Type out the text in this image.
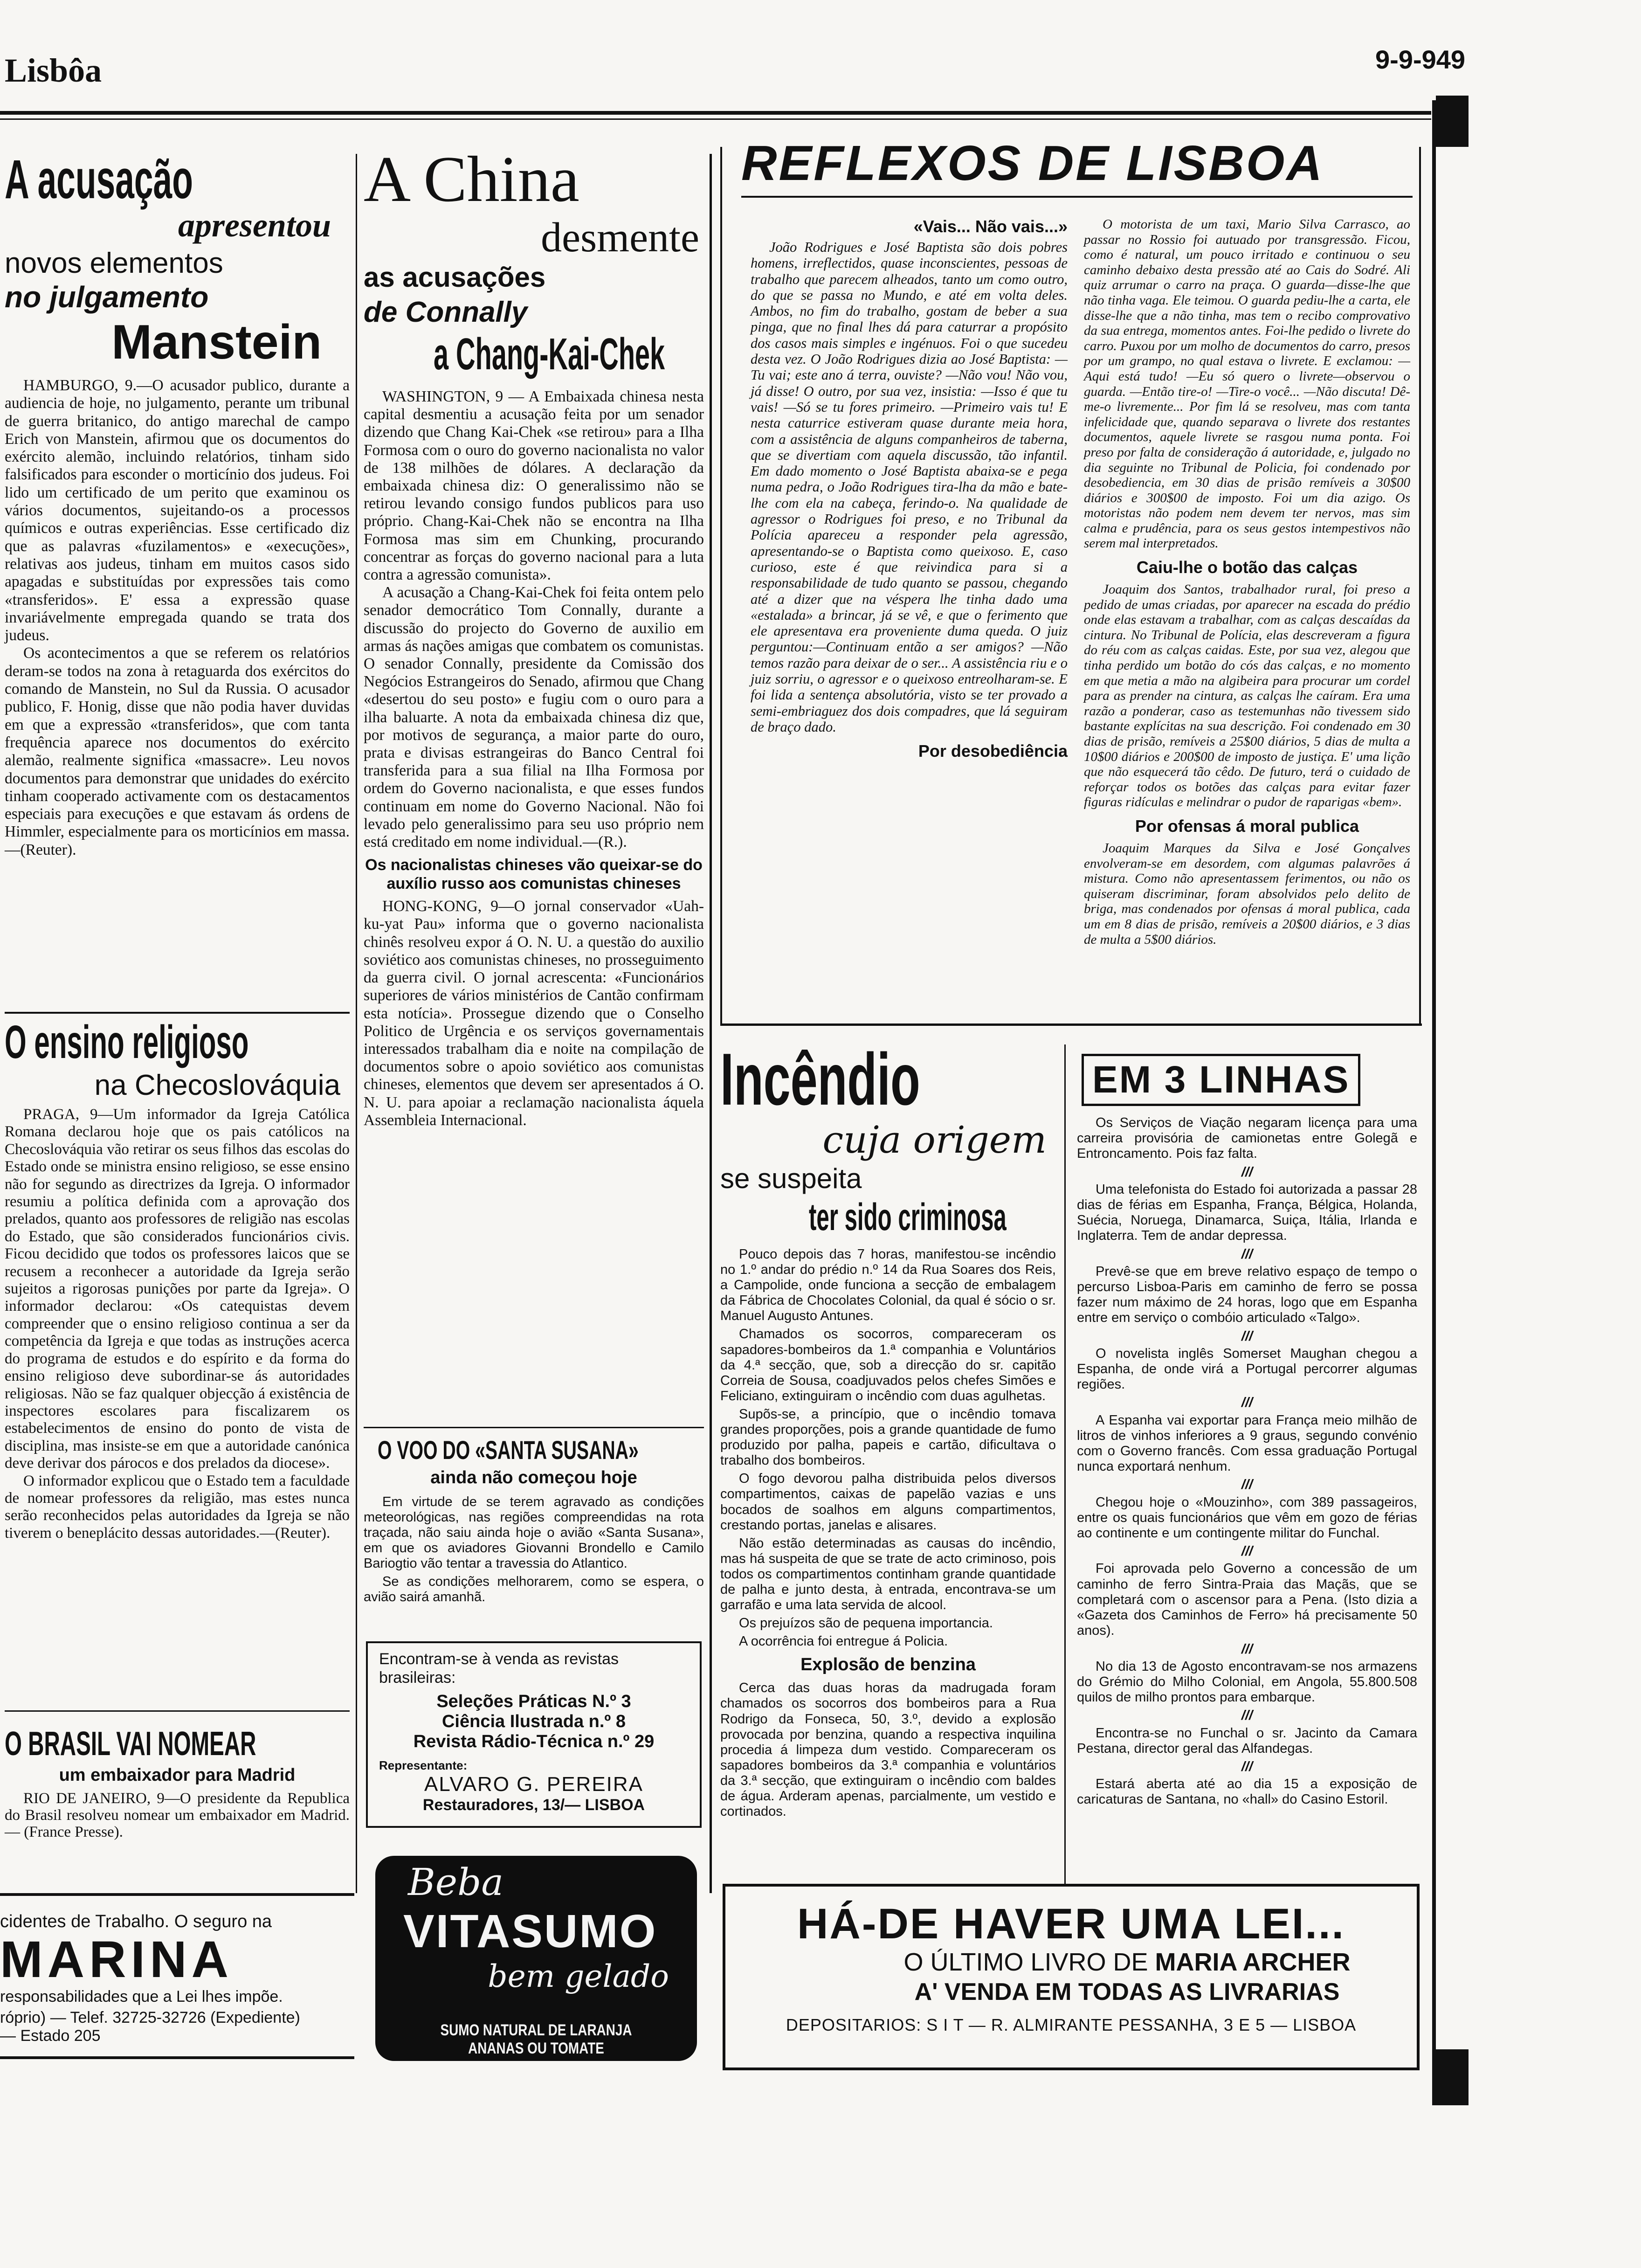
Lisbôa	9-9-949
A acusação
apresentou
novos elementos
no julgamento
Manstein

HAMBURGO, 9.—O acusador publico, durante a audiencia de hoje, no julgamento, perante um tribunal de guerra britanico, do antigo marechal de campo Erich von Manstein, afirmou que os documentos do exército alemão, incluindo relatórios, tinham sido falsificados para esconder o morticínio dos judeus. Foi lido um certificado de um perito que examinou os vários documentos, sujeitando-os a processos químicos e outras experiências. Esse certificado diz que as palavras «fuzilamentos» e «execuções», relativas aos judeus, tinham em muitos casos sido apagadas e substituídas por expressões tais como «transferidos». E' essa a expressão quase invariávelmente empregada quando se trata dos judeus.

Os acontecimentos a que se referem os relatórios deram-se todos na zona à retaguarda dos exércitos do comando de Manstein, no Sul da Russia. O acusador publico, F. Honig, disse que não podia haver duvidas em que a expressão «transferidos», que com tanta frequência aparece nos documentos do exército alemão, realmente significa «massacre». Leu novos documentos para demonstrar que unidades do exército tinham cooperado activamente com os destacamentos especiais para execuções e que estavam ás ordens de Himmler, especialmente para os morticínios em massa.—(Reuter).

O ensino religioso
na Checoslováquia

PRAGA, 9—Um informador da Igreja Católica Romana declarou hoje que os pais católicos na Checoslováquia vão retirar os seus filhos das escolas do Estado onde se ministra ensino religioso, se esse ensino não for segundo as directrizes da Igreja. O informador resumiu a política definida com a aprovação dos prelados, quanto aos professores de religião nas escolas do Estado, que são considerados funcionários civis. Ficou decidido que todos os professores laicos que se recusem a reconhecer a autoridade da Igreja serão sujeitos a rigorosas punições por parte da Igreja». O informador declarou: «Os catequistas devem compreender que o ensino religioso continua a ser da competência da Igreja e que todas as instruções acerca do programa de estudos e do espírito e da forma do ensino religioso deve subordinar-se ás autoridades religiosas. Não se faz qualquer objecção á existência de inspectores escolares para fiscalizarem os estabelecimentos de ensino do ponto de vista de disciplina, mas insiste-se em que a autoridade canónica deve derivar dos párocos e dos prelados da diocese».

O informador explicou que o Estado tem a faculdade de nomear professores da religião, mas estes nunca serão reconhecidos pelas autoridades da Igreja se não tiverem o beneplácito dessas autoridades.—(Reuter).

O BRASIL VAI NOMEAR
um embaixador para Madrid

RIO DE JANEIRO, 9—O presidente da Republica do Brasil resolveu nomear um embaixador em Madrid. — (France Presse).

cidentes de Trabalho. O seguro na
MARINA
responsabilidades que a Lei lhes impõe.
róprio) — Telef. 32725-32726 (Expediente)
— Estado 205
A China
desmente
as acusações
de Connally
a Chang-Kai-Chek

WASHINGTON, 9 — A Embaixada chinesa nesta capital desmentiu a acusação feita por um senador dizendo que Chang Kai-Chek «se retirou» para a Ilha Formosa com o ouro do governo nacionalista no valor de 138 milhões de dólares. A declaração da embaixada chinesa diz: O generalissimo não se retirou levando consigo fundos publicos para uso próprio. Chang-Kai-Chek não se encontra na Ilha Formosa mas sim em Chunking, procurando concentrar as forças do governo nacional para a luta contra a agressão comunista».

A acusação a Chang-Kai-Chek foi feita ontem pelo senador democrático Tom Connally, durante a discussão do projecto do Governo de auxilio em armas ás nações amigas que combatem os comunistas. O senador Connally, presidente da Comissão dos Negócios Estrangeiros do Senado, afirmou que Chang «desertou do seu posto» e fugiu com o ouro para a ilha baluarte. A nota da embaixada chinesa diz que, por motivos de segurança, a maior parte do ouro, prata e divisas estrangeiras do Banco Central foi transferida para a sua filial na Ilha Formosa por ordem do Governo nacionalista, e que esses fundos continuam em nome do Governo Nacional. Não foi levado pelo generalissimo para seu uso próprio nem está creditado em nome individual.—(R.).

Os nacionalistas chineses vão queixar-se do auxílio russo aos comunistas chineses

HONG-KONG, 9—O jornal conservador «Uah-ku-yat Pau» informa que o governo nacionalista chinês resolveu expor á O. N. U. a questão do auxilio soviético aos comunistas chineses, no prosseguimento da guerra civil. O jornal acrescenta: «Funcionários superiores de vários ministérios de Cantão confirmam esta notícia». Prossegue dizendo que o Conselho Politico de Urgência e os serviços governamentais interessados trabalham dia e noite na compilação de documentos sobre o apoio soviético aos comunistas chineses, elementos que devem ser apresentados á O. N. U. para apoiar a reclamação nacionalista áquela Assembleia Internacional.

O VOO DO «SANTA SUSANA»
ainda não começou hoje

Em virtude de se terem agravado as condições meteorológicas, nas regiões compreendidas na rota traçada, não saiu ainda hoje o avião «Santa Susana», em que os aviadores Giovanni Brondello e Camilo Bariogtio vão tentar a travessia do Atlantico.

Se as condições melhorarem, como se espera, o avião sairá amanhã.

Encontram-se à venda as revistas brasileiras:
Seleções Práticas N.º 3
Ciência Ilustrada n.º 8
Revista Rádio-Técnica n.º 29
Representante:
ALVARO G. PEREIRA
Restauradores, 13/— LISBOA
Beba
VITASUMO
bem gelado
SUMO NATURAL DE LARANJA ANANAS OU TOMATE
REFLEXOS DE LISBOA
«Vais... Não vais...»

João Rodrigues e José Baptista são dois pobres homens, irreflectidos, quase inconscientes, pessoas de trabalho que parecem alheados, tanto um como outro, do que se passa no Mundo, e até em volta deles. Ambos, no fim do trabalho, gostam de beber a sua pinga, que no final lhes dá para caturrar a propósito dos casos mais simples e ingénuos. Foi o que sucedeu desta vez. O João Rodrigues dizia ao José Baptista: —Tu vai; este ano á terra, ouviste? —Não vou! Não vou, já disse! O outro, por sua vez, insistia: —Isso é que tu vais! —Só se tu fores primeiro. —Primeiro vais tu! E nesta caturrice estiveram quase durante meia hora, com a assistência de alguns companheiros de taberna, que se divertiam com aquela discussão, tão infantil. Em dado momento o José Baptista abaixa-se e pega numa pedra, o João Rodrigues tira-lha da mão e bate-lhe com ela na cabeça, ferindo-o. Na qualidade de agressor o Rodrigues foi preso, e no Tribunal da Polícia apareceu a responder pela agressão, apresentando-se o Baptista como queixoso. E, caso curioso, este é que reivindica para si a responsabilidade de tudo quanto se passou, chegando até a dizer que na véspera lhe tinha dado uma «estalada» a brincar, já se vê, e que o ferimento que ele apresentava era proveniente duma queda. O juiz perguntou:—Continuam então a ser amigos? —Não temos razão para deixar de o ser... A assistência riu e o juiz sorriu, o agressor e o queixoso entreolharam-se. E foi lida a sentença absolutória, visto se ter provado a semi-embriaguez dos dois compadres, que lá seguiram de braço dado.

Por desobediência

O motorista de um taxi, Mario Silva Carrasco, ao passar no Rossio foi autuado por transgressão. Ficou, como é natural, um pouco irritado e continuou o seu caminho debaixo desta pressão até ao Cais do Sodré. Ali quiz arrumar o carro na praça. O guarda—disse-lhe que não tinha vaga. Ele teimou. O guarda pediu-lhe a carta, ele disse-lhe que a não tinha, mas tem o recibo comprovativo da sua entrega, momentos antes. Foi-lhe pedido o livrete do carro. Puxou por um molho de documentos do carro, presos por um grampo, no qual estava o livrete. E exclamou: —Aqui está tudo! —Eu só quero o livrete—observou o guarda. —Então tire-o! —Tire-o você... —Não discuta! Dê-me-o livremente... Por fim lá se resolveu, mas com tanta infelicidade que, quando separava o livrete dos restantes documentos, aquele livrete se rasgou numa ponta. Foi preso por falta de consideração á autoridade, e, julgado no dia seguinte no Tribunal de Policia, foi condenado por desobediencia, em 30 dias de prisão remíveis a 30$00 diários e 300$00 de imposto. Foi um dia azigo. Os motoristas não podem nem devem ter nervos, mas sim calma e prudência, para os seus gestos intempestivos não serem mal interpretados.

Caiu-lhe o botão das calças

Joaquim dos Santos, trabalhador rural, foi preso a pedido de umas criadas, por aparecer na escada do prédio onde elas estavam a trabalhar, com as calças descaídas da cintura. No Tribunal de Polícia, elas descreveram a figura do réu com as calças caidas. Este, por sua vez, alegou que tinha perdido um botão do cós das calças, e no momento em que metia a mão na algibeira para procurar um cordel para as prender na cintura, as calças lhe caíram. Era uma razão a ponderar, caso as testemunhas não tivessem sido bastante explícitas na sua descrição. Foi condenado em 30 dias de prisão, remíveis a 25$00 diários, 5 dias de multa a 10$00 diários e 200$00 de imposto de justiça. E' uma lição que não esquecerá tão cêdo. De futuro, terá o cuidado de reforçar todos os botões das calças para evitar fazer figuras ridículas e melindrar o pudor de raparigas «bem».

Por ofensas á moral publica

Joaquim Marques da Silva e José Gonçalves envolveram-se em desordem, com algumas palavrões á mistura. Como não apresentassem ferimentos, ou não os quiseram discriminar, foram absolvidos pelo delito de briga, mas condenados por ofensas á moral publica, cada um em 8 dias de prisão, remíveis a 20$00 diários, e 3 dias de multa a 5$00 diários.

Incêndio
cuja origem
se suspeita
ter sido criminosa

Pouco depois das 7 horas, manifestou-se incêndio no 1.º andar do prédio n.º 14 da Rua Soares dos Reis, a Campolide, onde funciona a secção de embalagem da Fábrica de Chocolates Colonial, da qual é sócio o sr. Manuel Augusto Antunes.

Chamados os socorros, compareceram os sapadores-bombeiros da 1.ª companhia e Voluntários da 4.ª secção, que, sob a direcção do sr. capitão Correia de Sousa, coadjuvados pelos chefes Simões e Feliciano, extinguiram o incêndio com duas agulhetas.

Supõs-se, a princípio, que o incêndio tomava grandes proporções, pois a grande quantidade de fumo produzido por palha, papeis e cartão, dificultava o trabalho dos bombeiros.

O fogo devorou palha distribuida pelos diversos compartimentos, caixas de papelão vazias e uns bocados de soalhos em alguns compartimentos, crestando portas, janelas e alisares.

Não estão determinadas as causas do incêndio, mas há suspeita de que se trate de acto criminoso, pois todos os compartimentos continham grande quantidade de palha e junto desta, à entrada, encontrava-se um garrafão e uma lata servida de alcool.

Os prejuízos são de pequena importancia.

A ocorrência foi entregue á Policia.

Explosão de benzina

Cerca das duas horas da madrugada foram chamados os socorros dos bombeiros para a Rua Rodrigo da Fonseca, 50, 3.º, devido a explosão provocada por benzina, quando a respectiva inquilina procedia á limpeza dum vestido. Compareceram os sapadores bombeiros da 3.ª companhia e voluntários da 3.ª secção, que extinguiram o incêndio com baldes de água. Arderam apenas, parcialmente, um vestido e cortinados.

EM 3 LINHAS

Os Serviços de Viação negaram licença para uma carreira provisória de camionetas entre Golegã e Entroncamento. Pois faz falta.

///

Uma telefonista do Estado foi autorizada a passar 28 dias de férias em Espanha, França, Bélgica, Holanda, Suécia, Noruega, Dinamarca, Suiça, Itália, Irlanda e Inglaterra. Tem de andar depressa.

///

Prevê-se que em breve relativo espaço de tempo o percurso Lisboa-Paris em caminho de ferro se possa fazer num máximo de 24 horas, logo que em Espanha entre em serviço o combóio articulado «Talgo».

///

O novelista inglês Somerset Maughan chegou a Espanha, de onde virá a Portugal percorrer algumas regiões.

///

A Espanha vai exportar para França meio milhão de litros de vinhos inferiores a 9 graus, segundo convénio com o Governo francês. Com essa graduação Portugal nunca exportará nenhum.

///

Chegou hoje o «Mouzinho», com 389 passageiros, entre os quais funcionários que vêm em gozo de férias ao continente e um contingente militar do Funchal.

///

Foi aprovada pelo Governo a concessão de um caminho de ferro Sintra-Praia das Maçãs, que se completará com o ascensor para a Pena. (Isto dizia a «Gazeta dos Caminhos de Ferro» há precisamente 50 anos).

///

No dia 13 de Agosto encontravam-se nos armazens do Grémio do Milho Colonial, em Angola, 55.800.508 quilos de milho prontos para embarque.

///

Encontra-se no Funchal o sr. Jacinto da Camara Pestana, director geral das Alfandegas.

///

Estará aberta até ao dia 15 a exposição de caricaturas de Santana, no «hall» do Casino Estoril.

HÁ-DE HAVER UMA LEI...
O ÚLTIMO LIVRO DE MARIA ARCHER
A' VENDA EM TODAS AS LIVRARIAS
DEPOSITARIOS: S I T — R. ALMIRANTE PESSANHA, 3 E 5 — LISBOA
